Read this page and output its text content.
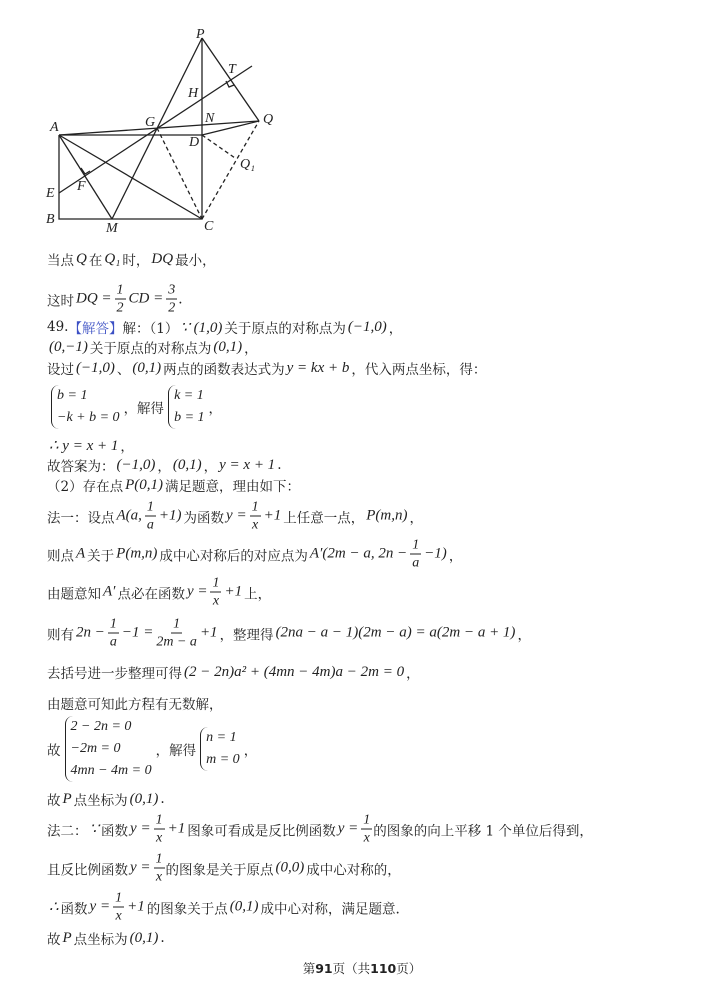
P
T
H
G	N	Q
A
D
Q₁
E F
B
M	C
当点 Q 在 Q₁ 时， DQ 最小，
这时 DQ = $\frac{1}{2}$ CD = $\frac{3}{2}$ .
49. 【解答】 解：（1） ∵ (1,0) 关于原点的对称点为 (−1,0) ，
(0,−1) 关于原点的对称点为 (0,1) ，
设过 (−1,0) 、 (0,1) 两点的函数表达式为 y = kx + b ，代入两点坐标，得：
b = 1
−k + b = 0
，解得
k = 1
b = 1
，
∴ y = x + 1 ，
故答案为： (−1,0) ， (0,1) ， y = x + 1 .
（2）存在点 P(0,1) 满足题意，理由如下：
法一：设点 A(a, $\frac{1}{a} +1$) 为函数 $y = \frac{1}{x} +1$ 上任意一点， P(m,n) ，
则点 A 关于 P(m,n) 成中心对称后的对应点为 A′(2m − a, $2n - \frac{1}{a} -1$) ，
由题意知 A′ 点必在函数 $y = \frac{1}{x} +1$ 上，
则有 $2n - \frac{1}{a} -1 = \frac{1}{2m - a} +1$ ，整理得 (2na − a − 1)(2m − a) = a(2m − a + 1) ，
去括号进一步整理可得 (2 − 2n)a² + (4mn − 4m)a − 2m = 0 ，
由题意可知此方程有无数解，
故
2 − 2n = 0
−2m = 0
4mn − 4m = 0
，解得
n = 1
m = 0
，
故 P 点坐标为 (0,1) .
法二： ∵ 函数 $y = \frac{1}{x} +1$ 图象可看成是反比例函数 $y = \frac{1}{x}$ 的图象的向上平移 1 个单位后得到，
且反比例函数 $y = \frac{1}{x}$ 的图象是关于原点 (0,0) 成中心对称的，
∴ 函数 $y = \frac{1}{x} +1$ 的图象关于点 (0,1) 成中心对称，满足题意.
故 P 点坐标为 (0,1) .
第91页（共110页）
